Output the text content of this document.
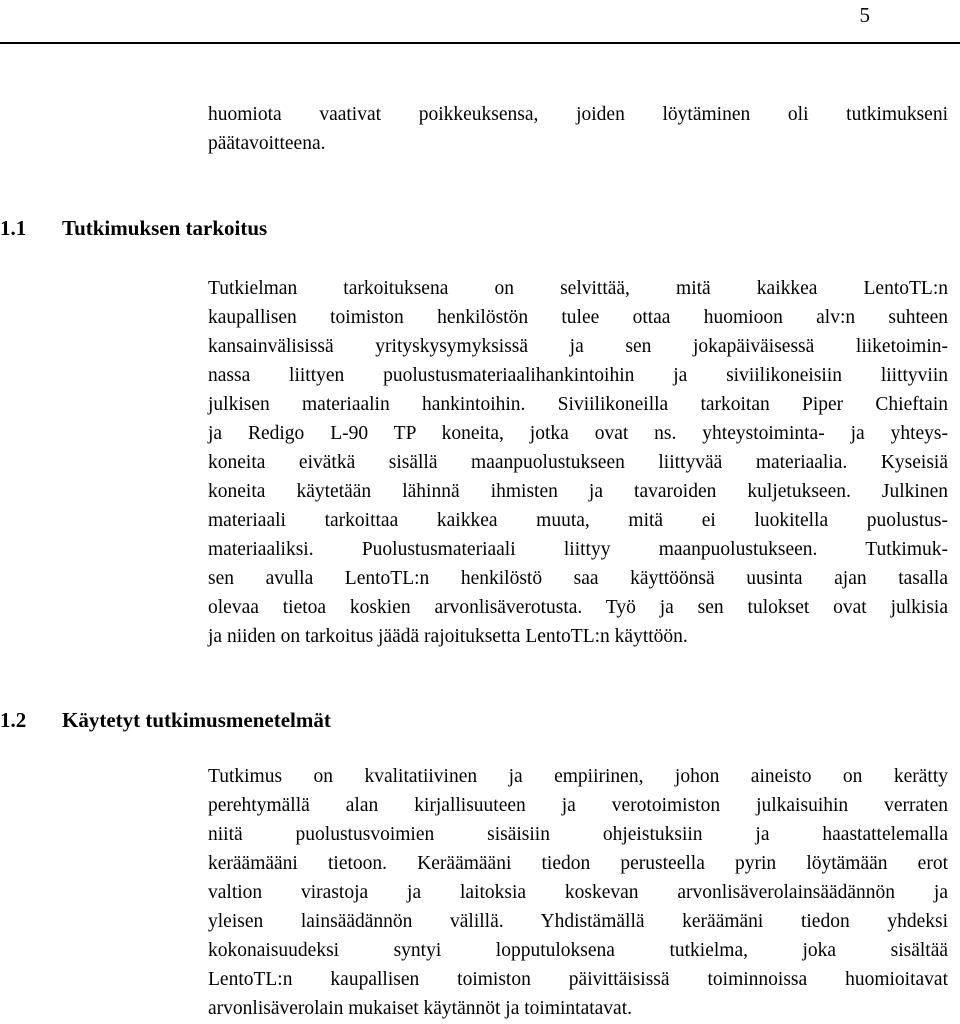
5
huomiota vaativat poikkeuksensa, joiden löytäminen oli tutkimukseni
päätavoitteena.
1.1 Tutkimuksen tarkoitus
Tutkielman tarkoituksena on selvittää, mitä kaikkea LentoTL:n
kaupallisen toimiston henkilöstön tulee ottaa huomioon alv:n suhteen
kansainvälisissä yrityskysymyksissä ja sen jokapäiväisessä liiketoimin-
nassa liittyen puolustusmateriaalihankintoihin ja siviilikoneisiin liittyviin
julkisen materiaalin hankintoihin. Siviilikoneilla tarkoitan Piper Chieftain
ja Redigo L-90 TP koneita, jotka ovat ns. yhteystoiminta- ja yhteys-
koneita eivätkä sisällä maanpuolustukseen liittyvää materiaalia. Kyseisiä
koneita käytetään lähinnä ihmisten ja tavaroiden kuljetukseen. Julkinen
materiaali tarkoittaa kaikkea muuta, mitä ei luokitella puolustus-
materiaaliksi. Puolustusmateriaali liittyy maanpuolustukseen. Tutkimuk-
sen avulla LentoTL:n henkilöstö saa käyttöönsä uusinta ajan tasalla
olevaa tietoa koskien arvonlisäverotusta. Työ ja sen tulokset ovat julkisia
ja niiden on tarkoitus jäädä rajoituksetta LentoTL:n käyttöön.
1.2 Käytetyt tutkimusmenetelmät
Tutkimus on kvalitatiivinen ja empiirinen, johon aineisto on kerätty
perehtymällä alan kirjallisuuteen ja verotoimiston julkaisuihin verraten
niitä puolustusvoimien sisäisiin ohjeistuksiin ja haastattelemalla
keräämääni tietoon. Keräämääni tiedon perusteella pyrin löytämään erot
valtion virastoja ja laitoksia koskevan arvonlisäverolainsäädännön ja
yleisen lainsäädännön välillä. Yhdistämällä keräämäni tiedon yhdeksi
kokonaisuudeksi syntyi lopputuloksena tutkielma, joka sisältää
LentoTL:n kaupallisen toimiston päivittäisissä toiminnoissa huomioitavat
arvonlisäverolain mukaiset käytännöt ja toimintatavat.
